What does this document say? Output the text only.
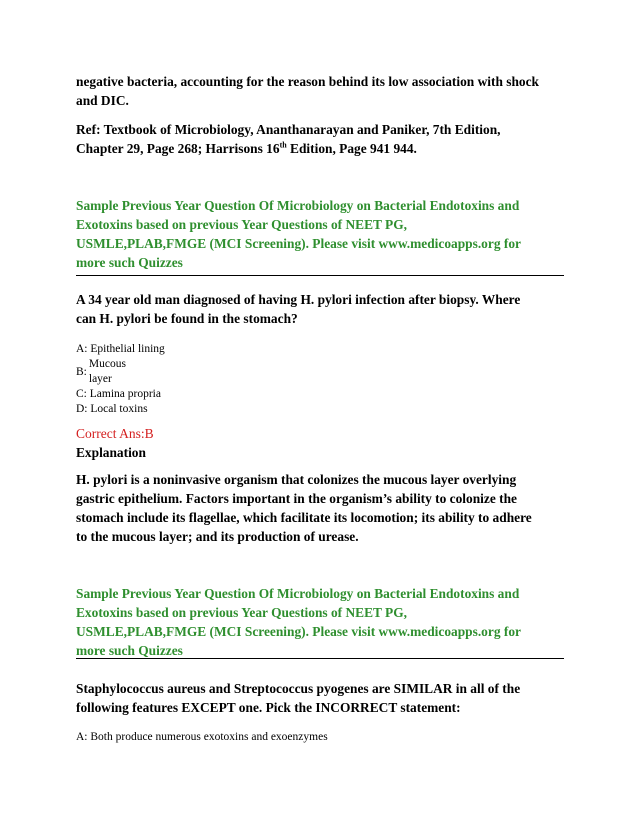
negative bacteria, accounting for the reason behind its low association with shock
and DIC.
Ref: Textbook of Microbiology, Ananthanarayan and Paniker, 7th Edition,
Chapter 29, Page 268; Harrisons 16th Edition, Page 941 944.
Sample Previous Year Question Of Microbiology on Bacterial Endotoxins and
Exotoxins based on previous Year Questions of NEET PG,
USMLE,PLAB,FMGE (MCI Screening). Please visit www.medicoapps.org for
more such Quizzes
A 34 year old man diagnosed of having H. pylori infection after biopsy. Where
can H. pylori be found in the stomach?
A: Epithelial lining
B:
Mucous
layer
C: Lamina propria
D: Local toxins
Correct Ans:B
Explanation
H. pylori is a noninvasive organism that colonizes the mucous layer overlying
gastric epithelium. Factors important in the organism’s ability to colonize the
stomach include its flagellae, which facilitate its locomotion; its ability to adhere
to the mucous layer; and its production of urease.
Sample Previous Year Question Of Microbiology on Bacterial Endotoxins and
Exotoxins based on previous Year Questions of NEET PG,
USMLE,PLAB,FMGE (MCI Screening). Please visit www.medicoapps.org for
more such Quizzes
Staphylococcus aureus and Streptococcus pyogenes are SIMILAR in all of the
following features EXCEPT one. Pick the INCORRECT statement:
A: Both produce numerous exotoxins and exoenzymes
